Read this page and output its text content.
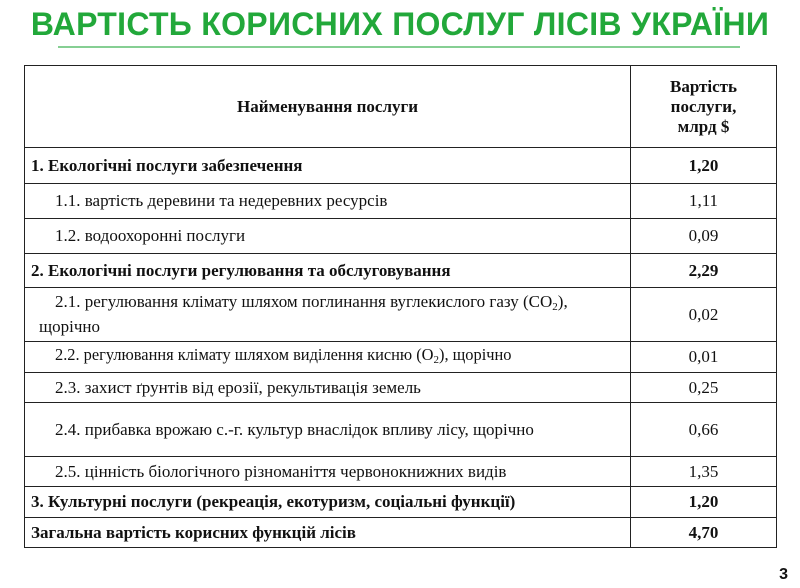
ВАРТІСТЬ КОРИСНИХ ПОСЛУГ ЛІСІВ УКРАЇНИ
Найменування послуги	Вартість
послуги,
млрд $

1. Екологічні послуги забезпечення	1,20
1.1. вартість деревини та недеревних ресурсів	1,11
1.2. водоохоронні послуги	0,09
2. Екологічні послуги регулювання та обслуговування	2,29
2.1. регулювання клімату шляхом поглинання вуглекислого газу $(CO_2)$, щорічно	0,02
2.2. регулювання клімату шляхом виділення кисню $(O_2)$, щорічно	0,01
2.3. захист ґрунтів від ерозії, рекультивація земель	0,25
2.4. прибавка врожаю с.-г. культур внаслідок впливу лісу, щорічно	0,66
2.5. цінність біологічного різноманіття червонокнижних видів	1,35
3. Культурні послуги (рекреація, екотуризм, соціальні функції)	1,20
Загальна вартість корисних функцій лісів	4,70
3
